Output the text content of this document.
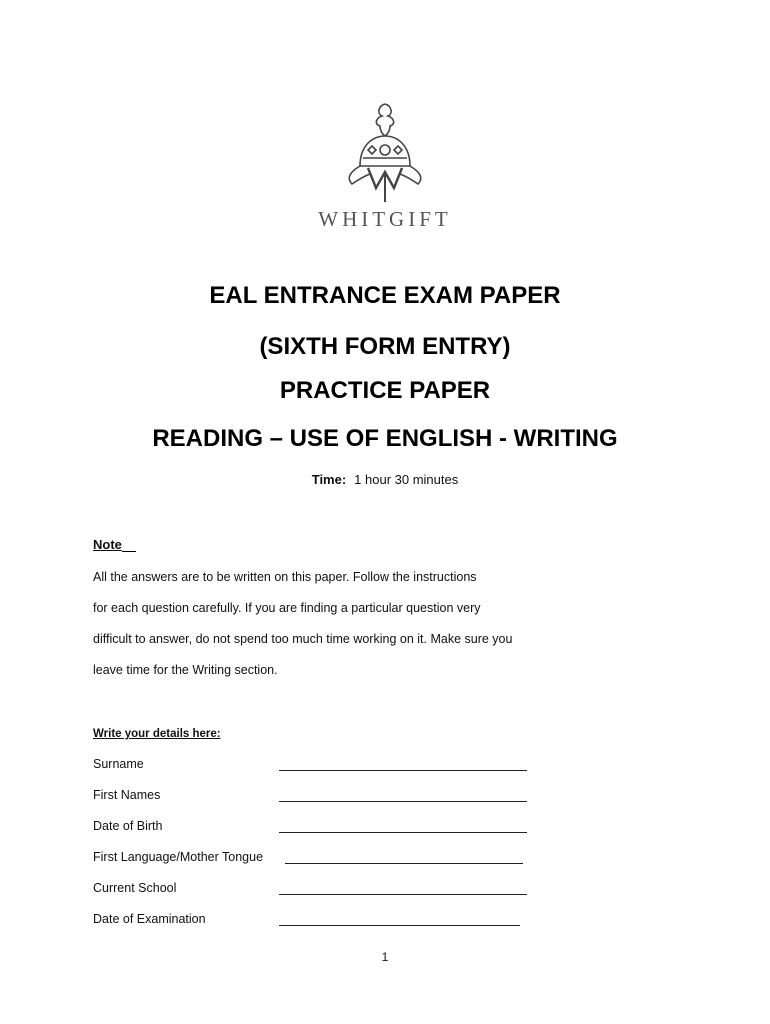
WHITGIFT
EAL ENTRANCE EXAM PAPER
(SIXTH FORM ENTRY)
PRACTICE PAPER
READING – USE OF ENGLISH - WRITING
Time: 1 hour 30 minutes
Note
All the answers are to be written on this paper. Follow the instructions
for each question carefully. If you are finding a particular question very
difficult to answer, do not spend too much time working on it. Make sure you
leave time for the Writing section.
Write your details here:
Surname
First Names
Date of Birth
First Language/Mother Tongue
Current School
Date of Examination
1
